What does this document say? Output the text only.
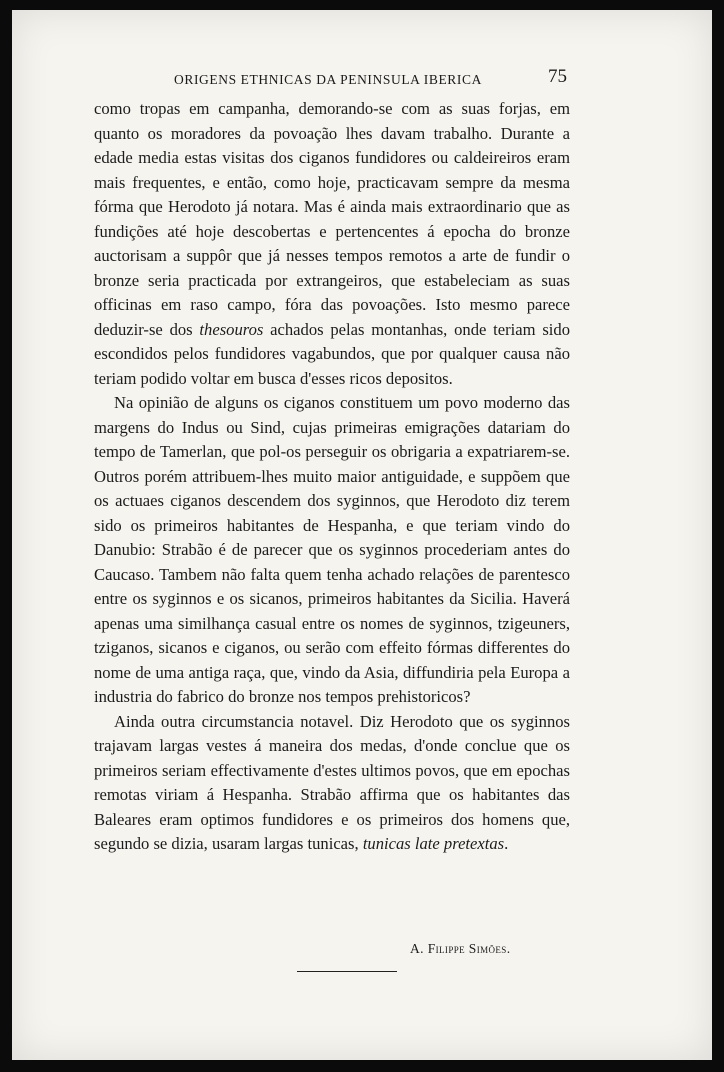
ORIGENS ETHNICAS DA PENINSULA IBERICA	75

como tropas em campanha, demorando-se com as suas forjas, em quanto os moradores da povoação lhes davam trabalho. Durante a edade media estas visitas dos ciganos fundidores ou caldeireiros eram mais frequentes, e então, como hoje, practicavam sempre da mesma fórma que Herodoto já notara. Mas é ainda mais extraordinario que as fundições até hoje descobertas e pertencentes á epocha do bronze auctorisam a suppôr que já nesses tempos remotos a arte de fundir o bronze seria practicada por extrangeiros, que estabeleciam as suas officinas em raso campo, fóra das povoações. Isto mesmo parece deduzir-se dos thesouros achados pelas montanhas, onde teriam sido escondidos pelos fundidores vagabundos, que por qualquer causa não teriam podido voltar em busca d'esses ricos depositos.

Na opinião de alguns os ciganos constituem um povo moderno das margens do Indus ou Sind, cujas primeiras emigrações datariam do tempo de Tamerlan, que pol-os perseguir os obrigaria a expatriarem-se. Outros porém attribuem-lhes muito maior antiguidade, e suppõem que os actuaes ciganos descendem dos syginnos, que Herodoto diz terem sido os primeiros habitantes de Hespanha, e que teriam vindo do Danubio: Strabão é de parecer que os syginnos procederiam antes do Caucaso. Tambem não falta quem tenha achado relações de parentesco entre os syginnos e os sicanos, primeiros habitantes da Sicilia. Haverá apenas uma similhança casual entre os nomes de syginnos, tzigeuners, tziganos, sicanos e ciganos, ou serão com effeito fórmas differentes do nome de uma antiga raça, que, vindo da Asia, diffundiria pela Europa a industria do fabrico do bronze nos tempos prehistoricos?

Ainda outra circumstancia notavel. Diz Herodoto que os syginnos trajavam largas vestes á maneira dos medas, d'onde conclue que os primeiros seriam effectivamente d'estes ultimos povos, que em epochas remotas viriam á Hespanha. Strabão affirma que os habitantes das Baleares eram optimos fundidores e os primeiros dos homens que, segundo se dizia, usaram largas tunicas, tunicas late pretextas.

A. Filippe Simões.
